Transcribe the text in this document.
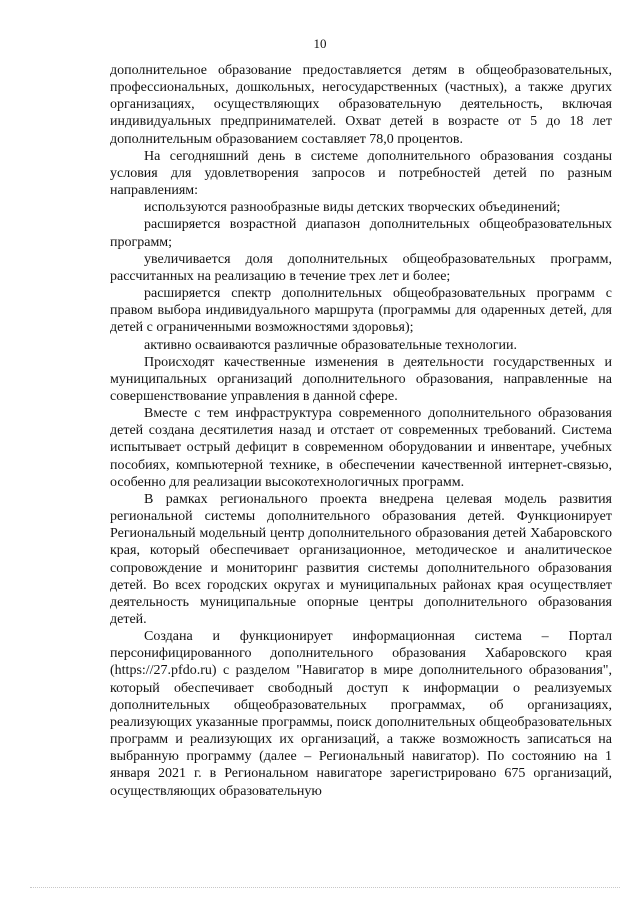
10

дополнительное образование предоставляется детям в общеобразовательных, профессиональных, дошкольных, негосударственных (частных), а также других организациях, осуществляющих образовательную деятельность, включая индивидуальных предпринимателей. Охват детей в возрасте от 5 до 18 лет дополнительным образованием составляет 78,0 процентов.

На сегодняшний день в системе дополнительного образования созданы условия для удовлетворения запросов и потребностей детей по разным направлениям:

используются разнообразные виды детских творческих объединений;

расширяется возрастной диапазон дополнительных общеобразовательных программ;

увеличивается доля дополнительных общеобразовательных программ, рассчитанных на реализацию в течение трех лет и более;

расширяется спектр дополнительных общеобразовательных программ с правом выбора индивидуального маршрута (программы для одаренных детей, для детей с ограниченными возможностями здоровья);

активно осваиваются различные образовательные технологии.

Происходят качественные изменения в деятельности государственных и муниципальных организаций дополнительного образования, направленные на совершенствование управления в данной сфере.

Вместе с тем инфраструктура современного дополнительного образования детей создана десятилетия назад и отстает от современных требований. Система испытывает острый дефицит в современном оборудовании и инвентаре, учебных пособиях, компьютерной технике, в обеспечении качественной интернет-связью, особенно для реализации высокотехнологичных программ.

В рамках регионального проекта внедрена целевая модель развития региональной системы дополнительного образования детей. Функционирует Региональный модельный центр дополнительного образования детей Хабаровского края, который обеспечивает организационное, методическое и аналитическое сопровождение и мониторинг развития системы дополнительного образования детей. Во всех городских округах и муниципальных районах края осуществляет деятельность муниципальные опорные центры дополнительного образования детей.

Создана и функционирует информационная система – Портал персонифицированного дополнительного образования Хабаровского края (https://27.pfdo.ru) с разделом "Навигатор в мире дополнительного образования", который обеспечивает свободный доступ к информации о реализуемых дополнительных общеобразовательных программах, об организациях, реализующих указанные программы, поиск дополнительных общеобразовательных программ и реализующих их организаций, а также возможность записаться на выбранную программу (далее – Региональный навигатор). По состоянию на 1 января 2021 г. в Региональном навигаторе зарегистрировано 675 организаций, осуществляющих образовательную
